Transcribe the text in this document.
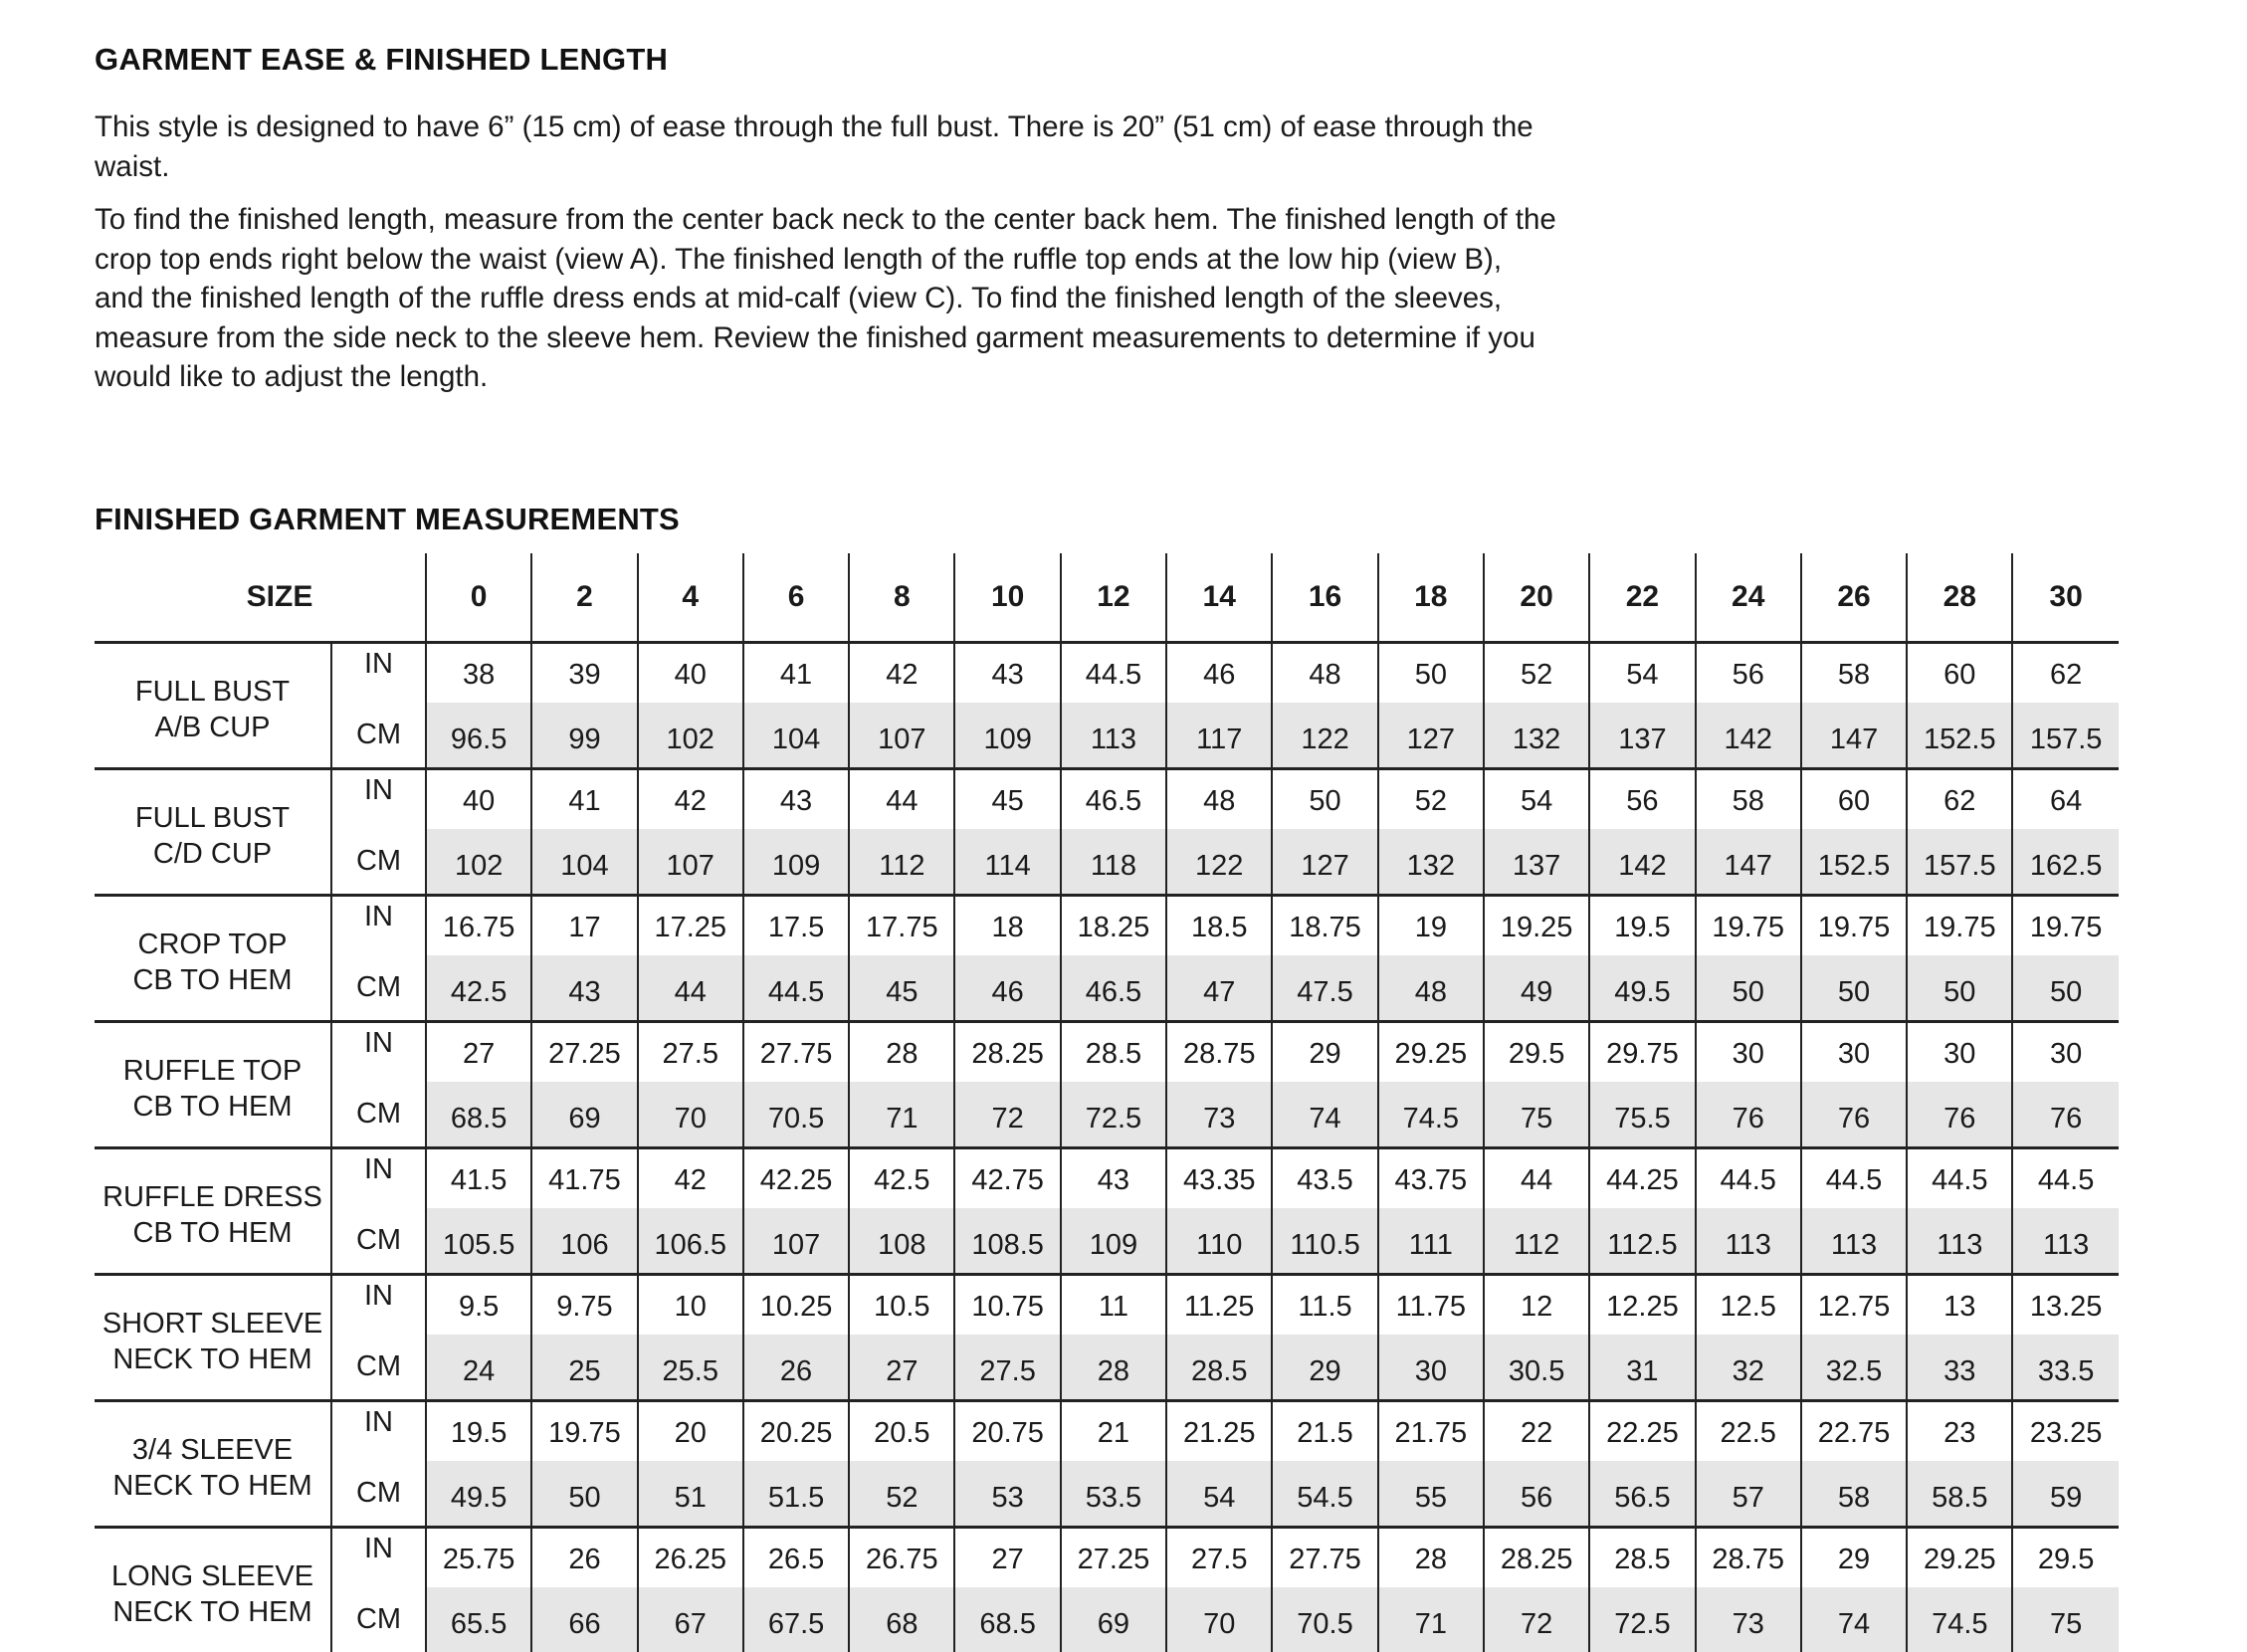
GARMENT EASE & FINISHED LENGTH

This style is designed to have 6” (15 cm) of ease through the full bust. There is 20” (51 cm) of ease through the waist.

To find the finished length, measure from the center back neck to the center back hem. The finished length of the crop top ends right below the waist (view A). The finished length of the ruffle top ends at the low hip (view B), and the finished length of the ruffle dress ends at mid-calf (view C). To find the finished length of the sleeves, measure from the side neck to the sleeve hem. Review the finished garment measurements to determine if you would like to adjust the length.

FINISHED GARMENT MEASUREMENTS
SIZE		0	2	4	6	8	10	12	14	16	18	20	22	24	26	28	30

FULL BUST
A/B CUP	IN	38	39	40	41	42	43	44.5	46	48	50	52	54	56	58	60	62
	CM	96.5	99	102	104	107	109	113	117	122	127	132	137	142	147	152.5	157.5

FULL BUST
C/D CUP	IN	40	41	42	43	44	45	46.5	48	50	52	54	56	58	60	62	64
	CM	102	104	107	109	112	114	118	122	127	132	137	142	147	152.5	157.5	162.5

CROP TOP
CB TO HEM	IN	16.75	17	17.25	17.5	17.75	18	18.25	18.5	18.75	19	19.25	19.5	19.75	19.75	19.75	19.75
	CM	42.5	43	44	44.5	45	46	46.5	47	47.5	48	49	49.5	50	50	50	50

RUFFLE TOP
CB TO HEM	IN	27	27.25	27.5	27.75	28	28.25	28.5	28.75	29	29.25	29.5	29.75	30	30	30	30
	CM	68.5	69	70	70.5	71	72	72.5	73	74	74.5	75	75.5	76	76	76	76

RUFFLE DRESS
CB TO HEM	IN	41.5	41.75	42	42.25	42.5	42.75	43	43.35	43.5	43.75	44	44.25	44.5	44.5	44.5	44.5
	CM	105.5	106	106.5	107	108	108.5	109	110	110.5	111	112	112.5	113	113	113	113

SHORT SLEEVE
NECK TO HEM	IN	9.5	9.75	10	10.25	10.5	10.75	11	11.25	11.5	11.75	12	12.25	12.5	12.75	13	13.25
	CM	24	25	25.5	26	27	27.5	28	28.5	29	30	30.5	31	32	32.5	33	33.5

3/4 SLEEVE
NECK TO HEM	IN	19.5	19.75	20	20.25	20.5	20.75	21	21.25	21.5	21.75	22	22.25	22.5	22.75	23	23.25
	CM	49.5	50	51	51.5	52	53	53.5	54	54.5	55	56	56.5	57	58	58.5	59

LONG SLEEVE
NECK TO HEM	IN	25.75	26	26.25	26.5	26.75	27	27.25	27.5	27.75	28	28.25	28.5	28.75	29	29.25	29.5
	CM	65.5	66	67	67.5	68	68.5	69	70	70.5	71	72	72.5	73	74	74.5	75
